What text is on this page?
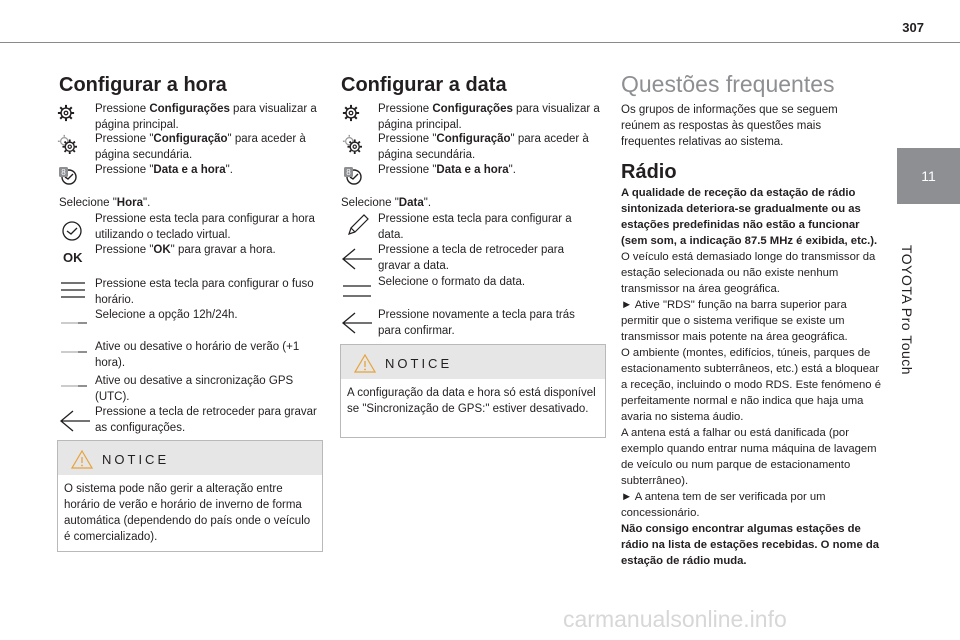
307
11
TOYOTA Pro Touch
Configurar a hora

Pressione Configurações para visualizar a página principal.

Pressione "Configuração" para aceder à página secundária.

8	Pressione "Data e a hora".

Selecione "Hora".

Pressione esta tecla para configurar a hora utilizando o teclado virtual.

OK Pressione "OK" para gravar a hora.

Pressione esta tecla para configurar o fuso horário.

Selecione a opção 12h/24h.

Ative ou desative o horário de verão (+1 hora).

Ative ou desative a sincronização GPS (UTC).

Pressione a tecla de retroceder para gravar as configurações.

NOTICE
O sistema pode não gerir a alteração entre horário de verão e horário de inverno de forma automática (dependendo do país onde o veículo é comercializado).
Configurar a data

Pressione Configurações para visualizar a página principal.

Pressione "Configuração" para aceder à página secundária.

8 Pressione "Data e a hora".

Selecione "Data".

Pressione esta tecla para configurar a data.

Pressione a tecla de retroceder para gravar a data.

Selecione o formato da data.

Pressione novamente a tecla para trás para confirmar.

NOTICE
A configuração da data e hora só está disponível se "Sincronização de GPS:" estiver desativado.
Questões frequentes

Os grupos de informações que se seguem reúnem as respostas às questões mais frequentes relativas ao sistema.

Rádio

A qualidade de receção da estação de rádio sintonizada deteriora-se gradualmente ou as estações predefinidas não estão a funcionar (sem som, a indicação 87.5 MHz é exibida, etc.).
O veículo está demasiado longe do transmissor da estação selecionada ou não existe nenhum transmissor na área geográfica.
► Ative "RDS" função na barra superior para permitir que o sistema verifique se existe um transmissor mais potente na área geográfica.
O ambiente (montes, edifícios, túneis, parques de estacionamento subterrâneos, etc.) está a bloquear a receção, incluindo o modo RDS. Este fenómeno é perfeitamente normal e não indica que haja uma avaria no sistema áudio.
A antena está a falhar ou está danificada (por exemplo quando entrar numa máquina de lavagem de veículo ou num parque de estacionamento subterrâneo).
► A antena tem de ser verificada por um concessionário.
Não consigo encontrar algumas estações de rádio na lista de estações recebidas. O nome da estação de rádio muda.

carmanualsonline.info
